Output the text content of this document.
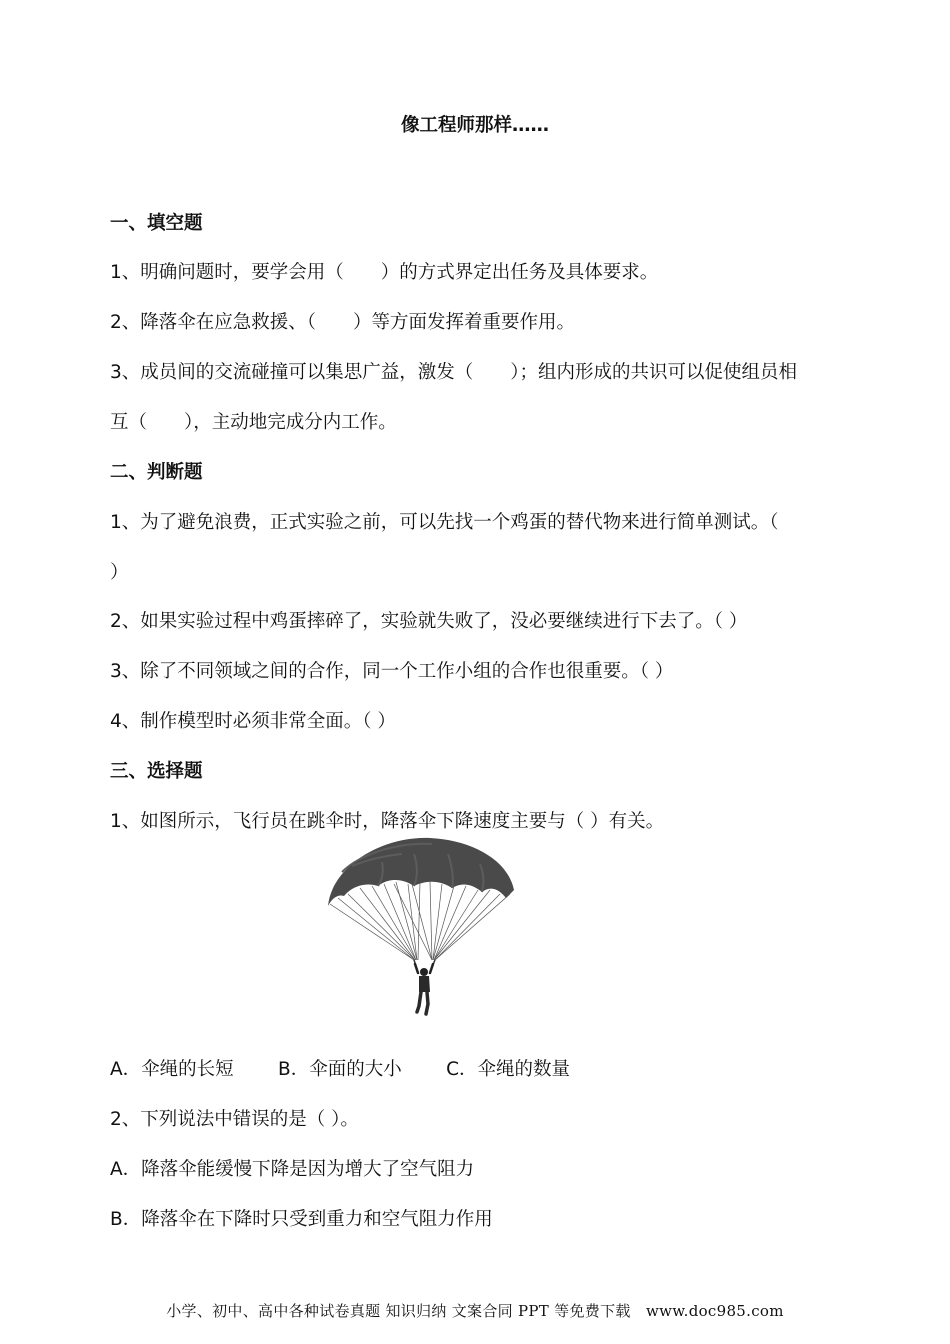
像工程师那样……
一、填空题
1、明确问题时，要学会用（　　）的方式界定出任务及具体要求。
2、降落伞在应急救援、（　　）等方面发挥着重要作用。
3、成员间的交流碰撞可以集思广益，激发（　　）；组内形成的共识可以促使组员相
互（　　），主动地完成分内工作。
二、判断题
1、为了避免浪费，正式实验之前，可以先找一个鸡蛋的替代物来进行简单测试。（
）
2、如果实验过程中鸡蛋摔碎了，实验就失败了，没必要继续进行下去了。（ ）
3、除了不同领域之间的合作，同一个工作小组的合作也很重要。（ ）
4、制作模型时必须非常全面。（ ）
三、选择题
1、如图所示，飞行员在跳伞时，降落伞下降速度主要与（ ）有关。
A．伞绳的长短 B．伞面的大小 C．伞绳的数量
2、下列说法中错误的是（ ）。
A．降落伞能缓慢下降是因为增大了空气阻力
B．降落伞在下降时只受到重力和空气阻力作用
小学、初中、高中各种试卷真题 知识归纳 文案合同 PPT 等免费下载　www.doc985.com
